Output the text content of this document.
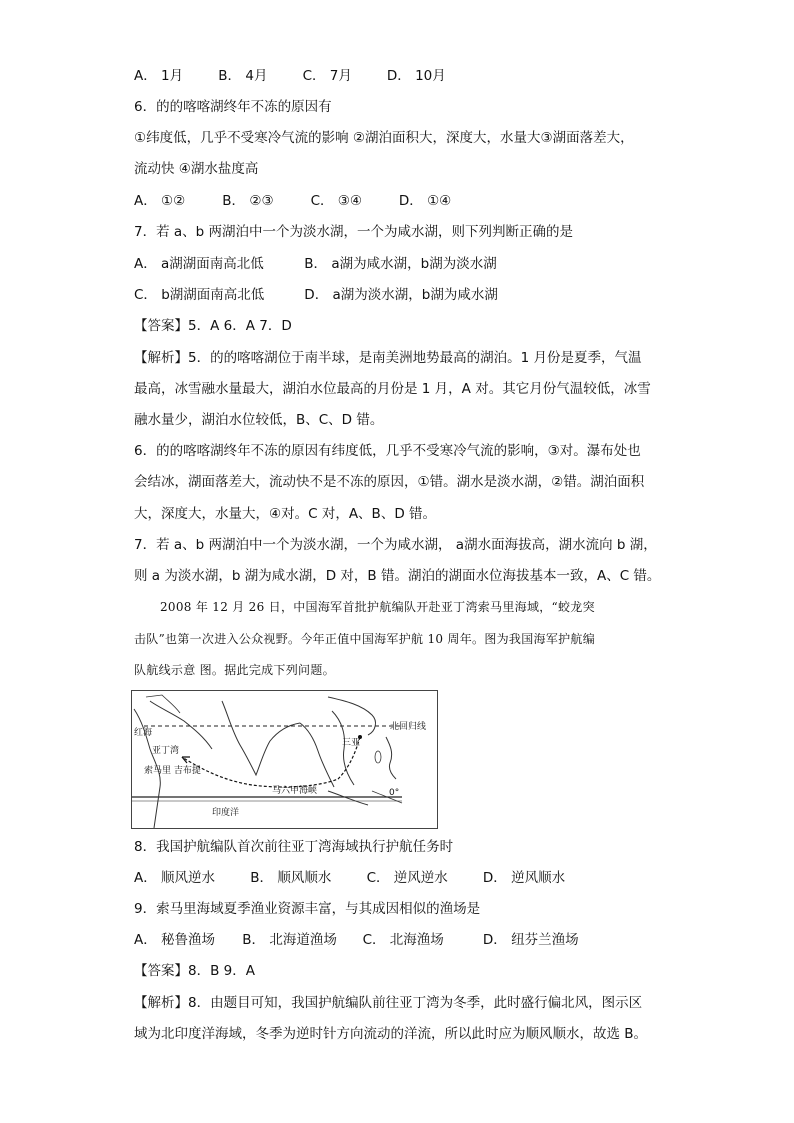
A． 1月	B． 4月	C． 7月	D． 10月
6．的的喀喀湖终年不冻的原因有
①纬度低，几乎不受寒冷气流的影响 ②湖泊面积大，深度大，水量大③湖面落差大，
流动快 ④湖水盐度高
A． ①②	B． ②③	C． ③④	D． ①④
7．若 a、b 两湖泊中一个为淡水湖，一个为咸水湖，则下列判断正确的是
A． a湖湖面南高北低	B． a湖为咸水湖，b湖为淡水湖
C． b湖湖面南高北低	D． a湖为淡水湖，b湖为咸水湖
【答案】5．A 6．A 7．D
【解析】5．的的喀喀湖位于南半球，是南美洲地势最高的湖泊。1 月份是夏季，气温
最高，冰雪融水量最大，湖泊水位最高的月份是 1 月，A 对。其它月份气温较低，冰雪
融水量少，湖泊水位较低，B、C、D 错。
6．的的喀喀湖终年不冻的原因有纬度低，几乎不受寒冷气流的影响，③对。瀑布处也
会结冰，湖面落差大，流动快不是不冻的原因，①错。湖水是淡水湖，②错。湖泊面积
大，深度大，水量大，④对。C 对，A、B、D 错。
7．若 a、b 两湖泊中一个为淡水湖，一个为咸水湖， a湖水面海拔高，湖水流向 b 湖，
则 a 为淡水湖，b 湖为咸水湖，D 对，B 错。湖泊的湖面水位海拔基本一致，A、C 错。
2008 年 12 月 26 日，中国海军首批护航编队开赴亚丁湾索马里海域，“蛟龙突
击队”也第一次进入公众视野。今年正值中国海军护航 10 周年。图为我国海军护航编
队航线示意 图。据此完成下列问题。
红海
亚丁湾
索马里 吉布提
三亚
北回归线
马六甲海峡
印度洋
0°
8．我国护航编队首次前往亚丁湾海域执行护航任务时
A． 顺风逆水	B． 顺风顺水	C． 逆风逆水	D． 逆风顺水
9．索马里海域夏季渔业资源丰富，与其成因相似的渔场是
A． 秘鲁渔场 B． 北海道渔场 C． 北海渔场	D． 纽芬兰渔场
【答案】8．B 9．A
【解析】8．由题目可知，我国护航编队前往亚丁湾为冬季，此时盛行偏北风，图示区
域为北印度洋海域，冬季为逆时针方向流动的洋流，所以此时应为顺风顺水，故选 B。
